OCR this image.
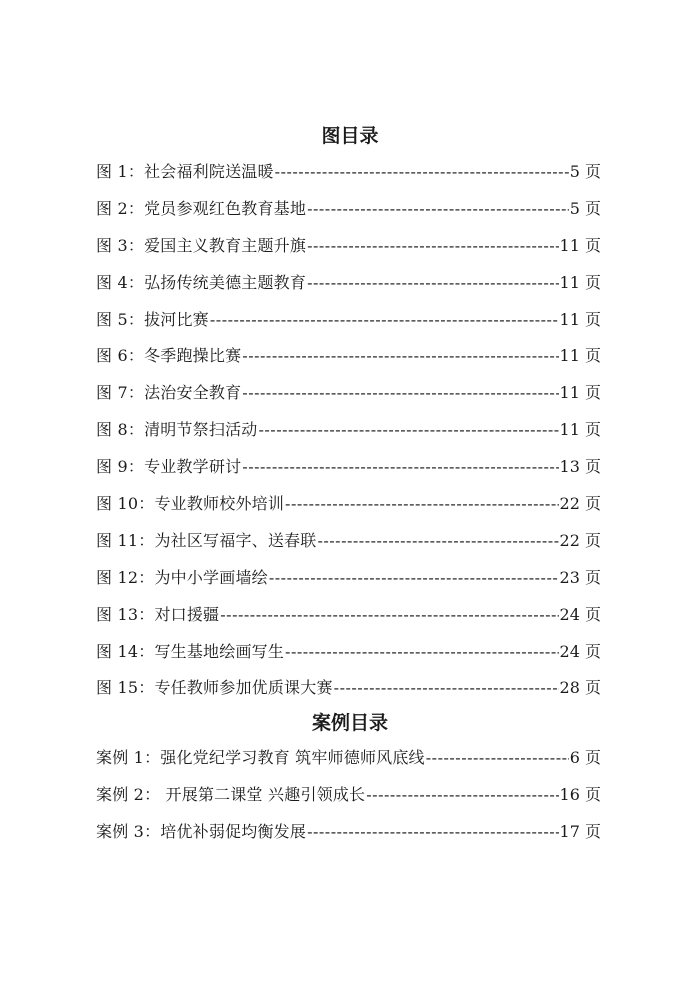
图目录
图 1：社会福利院送温暖 -----	5 页
图 2：党员参观红色教育基地 -----	5 页
图 3：爱国主义教育主题升旗 -----	11 页
图 4：弘扬传统美德主题教育 -----	11 页
图 5：拔河比赛 -----	11 页
图 6：冬季跑操比赛 -----	11 页
图 7：法治安全教育 -----	11 页
图 8：清明节祭扫活动 -----	11 页
图 9：专业教学研讨 -----	13 页
图 10：专业教师校外培训 -----	22 页
图 11：为社区写福字、送春联 -----	22 页
图 12：为中小学画墙绘 -----	23 页
图 13：对口援疆 -----	24 页
图 14：写生基地绘画写生 -----	24 页
图 15：专任教师参加优质课大赛 -----	28 页
案例目录
案例 1：强化党纪学习教育 筑牢师德师风底线 -----	6 页
案例 2： 开展第二课堂 兴趣引领成长 -----	16 页
案例 3：培优补弱促均衡发展 -----	17 页
